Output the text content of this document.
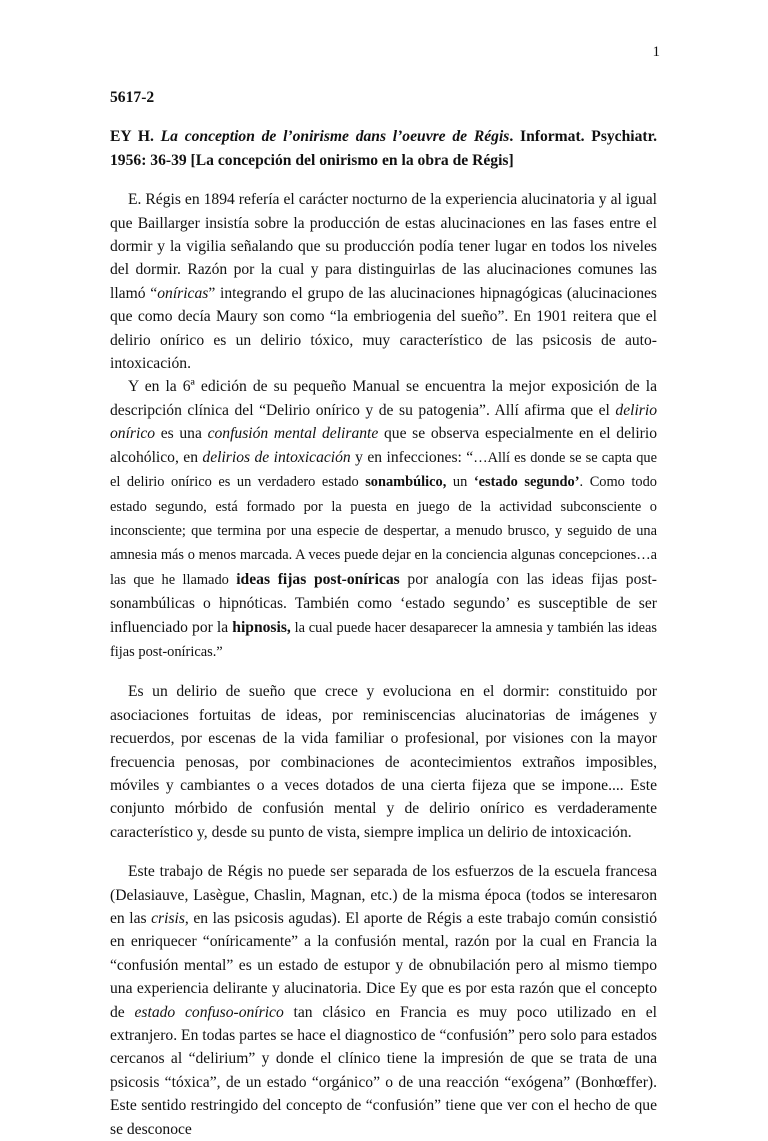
1
5617-2
EY H. La conception de l’onirisme dans l’oeuvre de Régis. Informat. Psychiatr. 1956: 36-39 [La concepción del onirismo en la obra de Régis]

E. Régis en 1894 refería el carácter nocturno de la experiencia alucinatoria y al igual que Baillarger insistía sobre la producción de estas alucinaciones en las fases entre el dormir y la vigilia señalando que su producción podía tener lugar en todos los niveles del dormir. Razón por la cual y para distinguirlas de las alucinaciones comunes las llamó “oníricas” integrando el grupo de las alucinaciones hipnagógicas (alucinaciones que como decía Maury son como “la embriogenia del sueño”. En 1901 reitera que el delirio onírico es un delirio tóxico, muy característico de las psicosis de auto-intoxicación.

Y en la 6ª edición de su pequeño Manual se encuentra la mejor exposición de la descripción clínica del “Delirio onírico y de su patogenia”. Allí afirma que el delirio onírico es una confusión mental delirante que se observa especialmente en el delirio alcohólico, en delirios de intoxicación y en infecciones: “…Allí es donde se se capta que el delirio onírico es un verdadero estado sonambúlico, un ‘estado segundo’. Como todo estado segundo, está formado por la puesta en juego de la actividad subconsciente o inconsciente; que termina por una especie de despertar, a menudo brusco, y seguido de una amnesia más o menos marcada. A veces puede dejar en la conciencia algunas concepciones…a las que he llamado ideas fijas post-oníricas por analogía con las ideas fijas post-sonambúlicas o hipnóticas. También como ‘estado segundo’ es susceptible de ser influenciado por la hipnosis, la cual puede hacer desaparecer la amnesia y también las ideas fijas post-oníricas.”

Es un delirio de sueño que crece y evoluciona en el dormir: constituido por asociaciones fortuitas de ideas, por reminiscencias alucinatorias de imágenes y recuerdos, por escenas de la vida familiar o profesional, por visiones con la mayor frecuencia penosas, por combinaciones de acontecimientos extraños imposibles, móviles y cambiantes o a veces dotados de una cierta fijeza que se impone.... Este conjunto mórbido de confusión mental y de delirio onírico es verdaderamente característico y, desde su punto de vista, siempre implica un delirio de intoxicación.

Este trabajo de Régis no puede ser separada de los esfuerzos de la escuela francesa (Delasiauve, Lasègue, Chaslin, Magnan, etc.) de la misma época (todos se interesaron en las crisis, en las psicosis agudas). El aporte de Régis a este trabajo común consistió en enriquecer “oníricamente” a la confusión mental, razón por la cual en Francia la “confusión mental” es un estado de estupor y de obnubilación pero al mismo tiempo una experiencia delirante y alucinatoria. Dice Ey que es por esta razón que el concepto de estado confuso-onírico tan clásico en Francia es muy poco utilizado en el extranjero. En todas partes se hace el diagnostico de “confusión” pero solo para estados cercanos al “delirium” y donde el clínico tiene la impresión de que se trata de una psicosis “tóxica”, de un estado “orgánico” o de una reacción “exógena” (Bonhœffer). Este sentido restringido del concepto de “confusión” tiene que ver con el hecho de que se desconoce
